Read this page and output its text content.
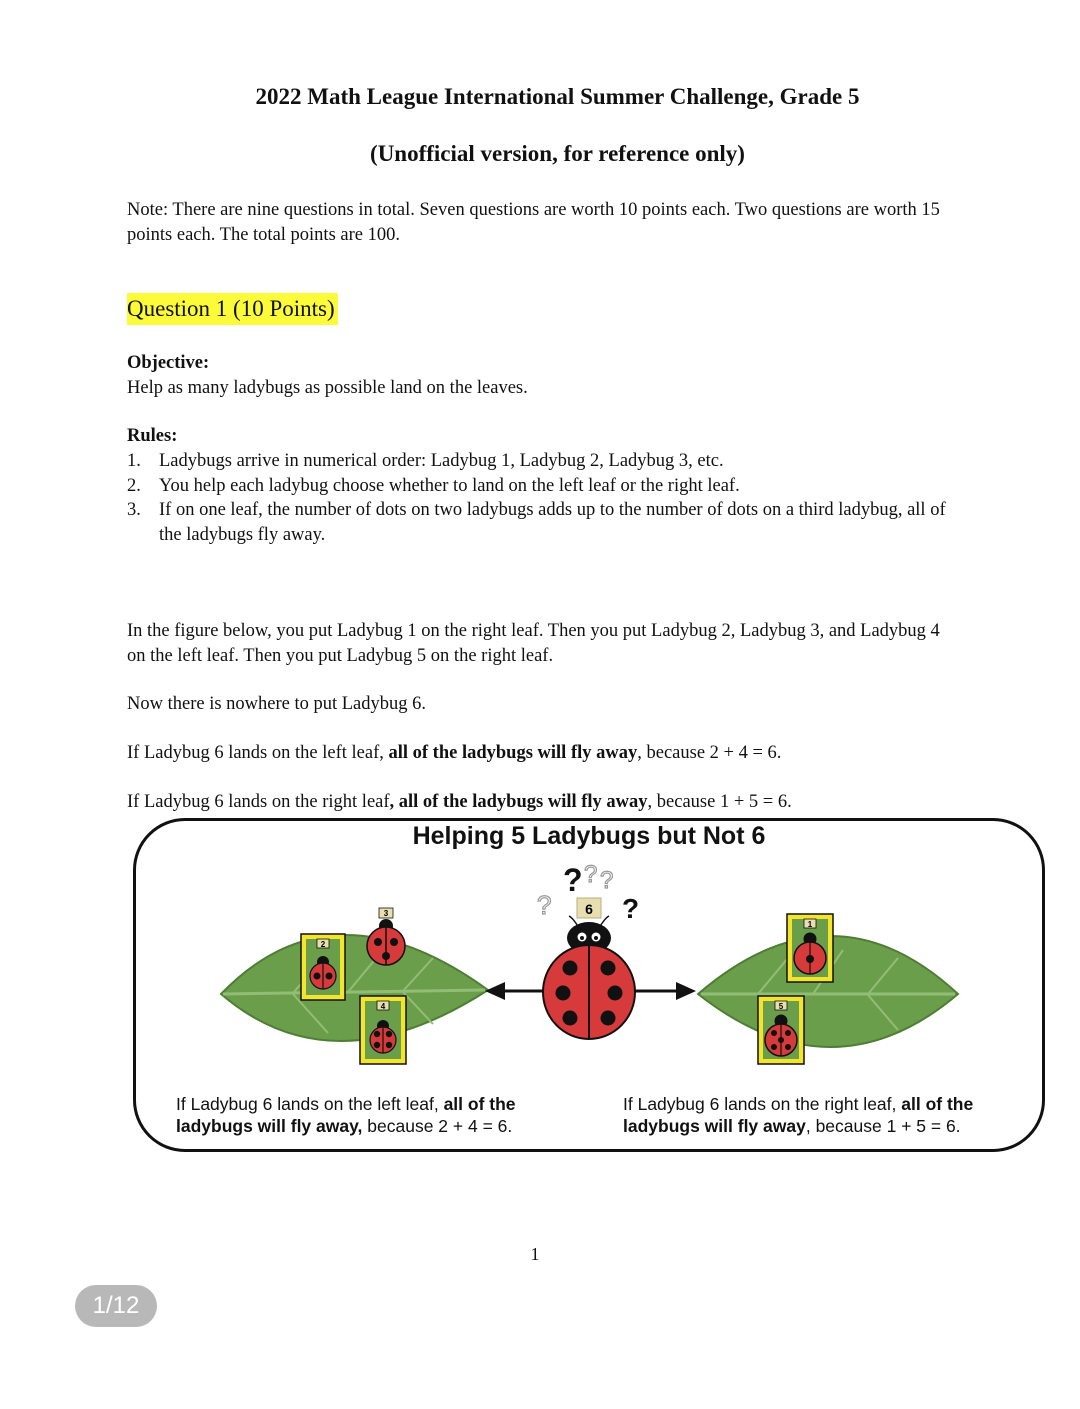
2022 Math League International Summer Challenge, Grade 5
(Unofficial version, for reference only)
Note: There are nine questions in total. Seven questions are worth 10 points each. Two questions are worth 15 points each. The total points are 100.
Question 1 (10 Points)
Objective:
Help as many ladybugs as possible land on the leaves.
Rules:
1. Ladybugs arrive in numerical order: Ladybug 1, Ladybug 2, Ladybug 3, etc.
2. You help each ladybug choose whether to land on the left leaf or the right leaf.
3. If on one leaf, the number of dots on two ladybugs adds up to the number of dots on a third ladybug, all of the ladybugs fly away.
In the figure below, you put Ladybug 1 on the right leaf. Then you put Ladybug 2, Ladybug 3, and Ladybug 4 on the left leaf. Then you put Ladybug 5 on the right leaf.
Now there is nowhere to put Ladybug 6.
If Ladybug 6 lands on the left leaf, all of the ladybugs will fly away, because 2 + 4 = 6.
If Ladybug 6 lands on the right leaf, all of the ladybugs will fly away, because 1 + 5 = 6.
Helping 5 Ladybugs but Not 6
2
3
4
1
5
? ? ?
?	?
6
If Ladybug 6 lands on the left leaf, all of the
ladybugs will fly away, because 2 + 4 = 6.
If Ladybug 6 lands on the right leaf, all of the
ladybugs will fly away, because 1 + 5 = 6.
1
1/12
